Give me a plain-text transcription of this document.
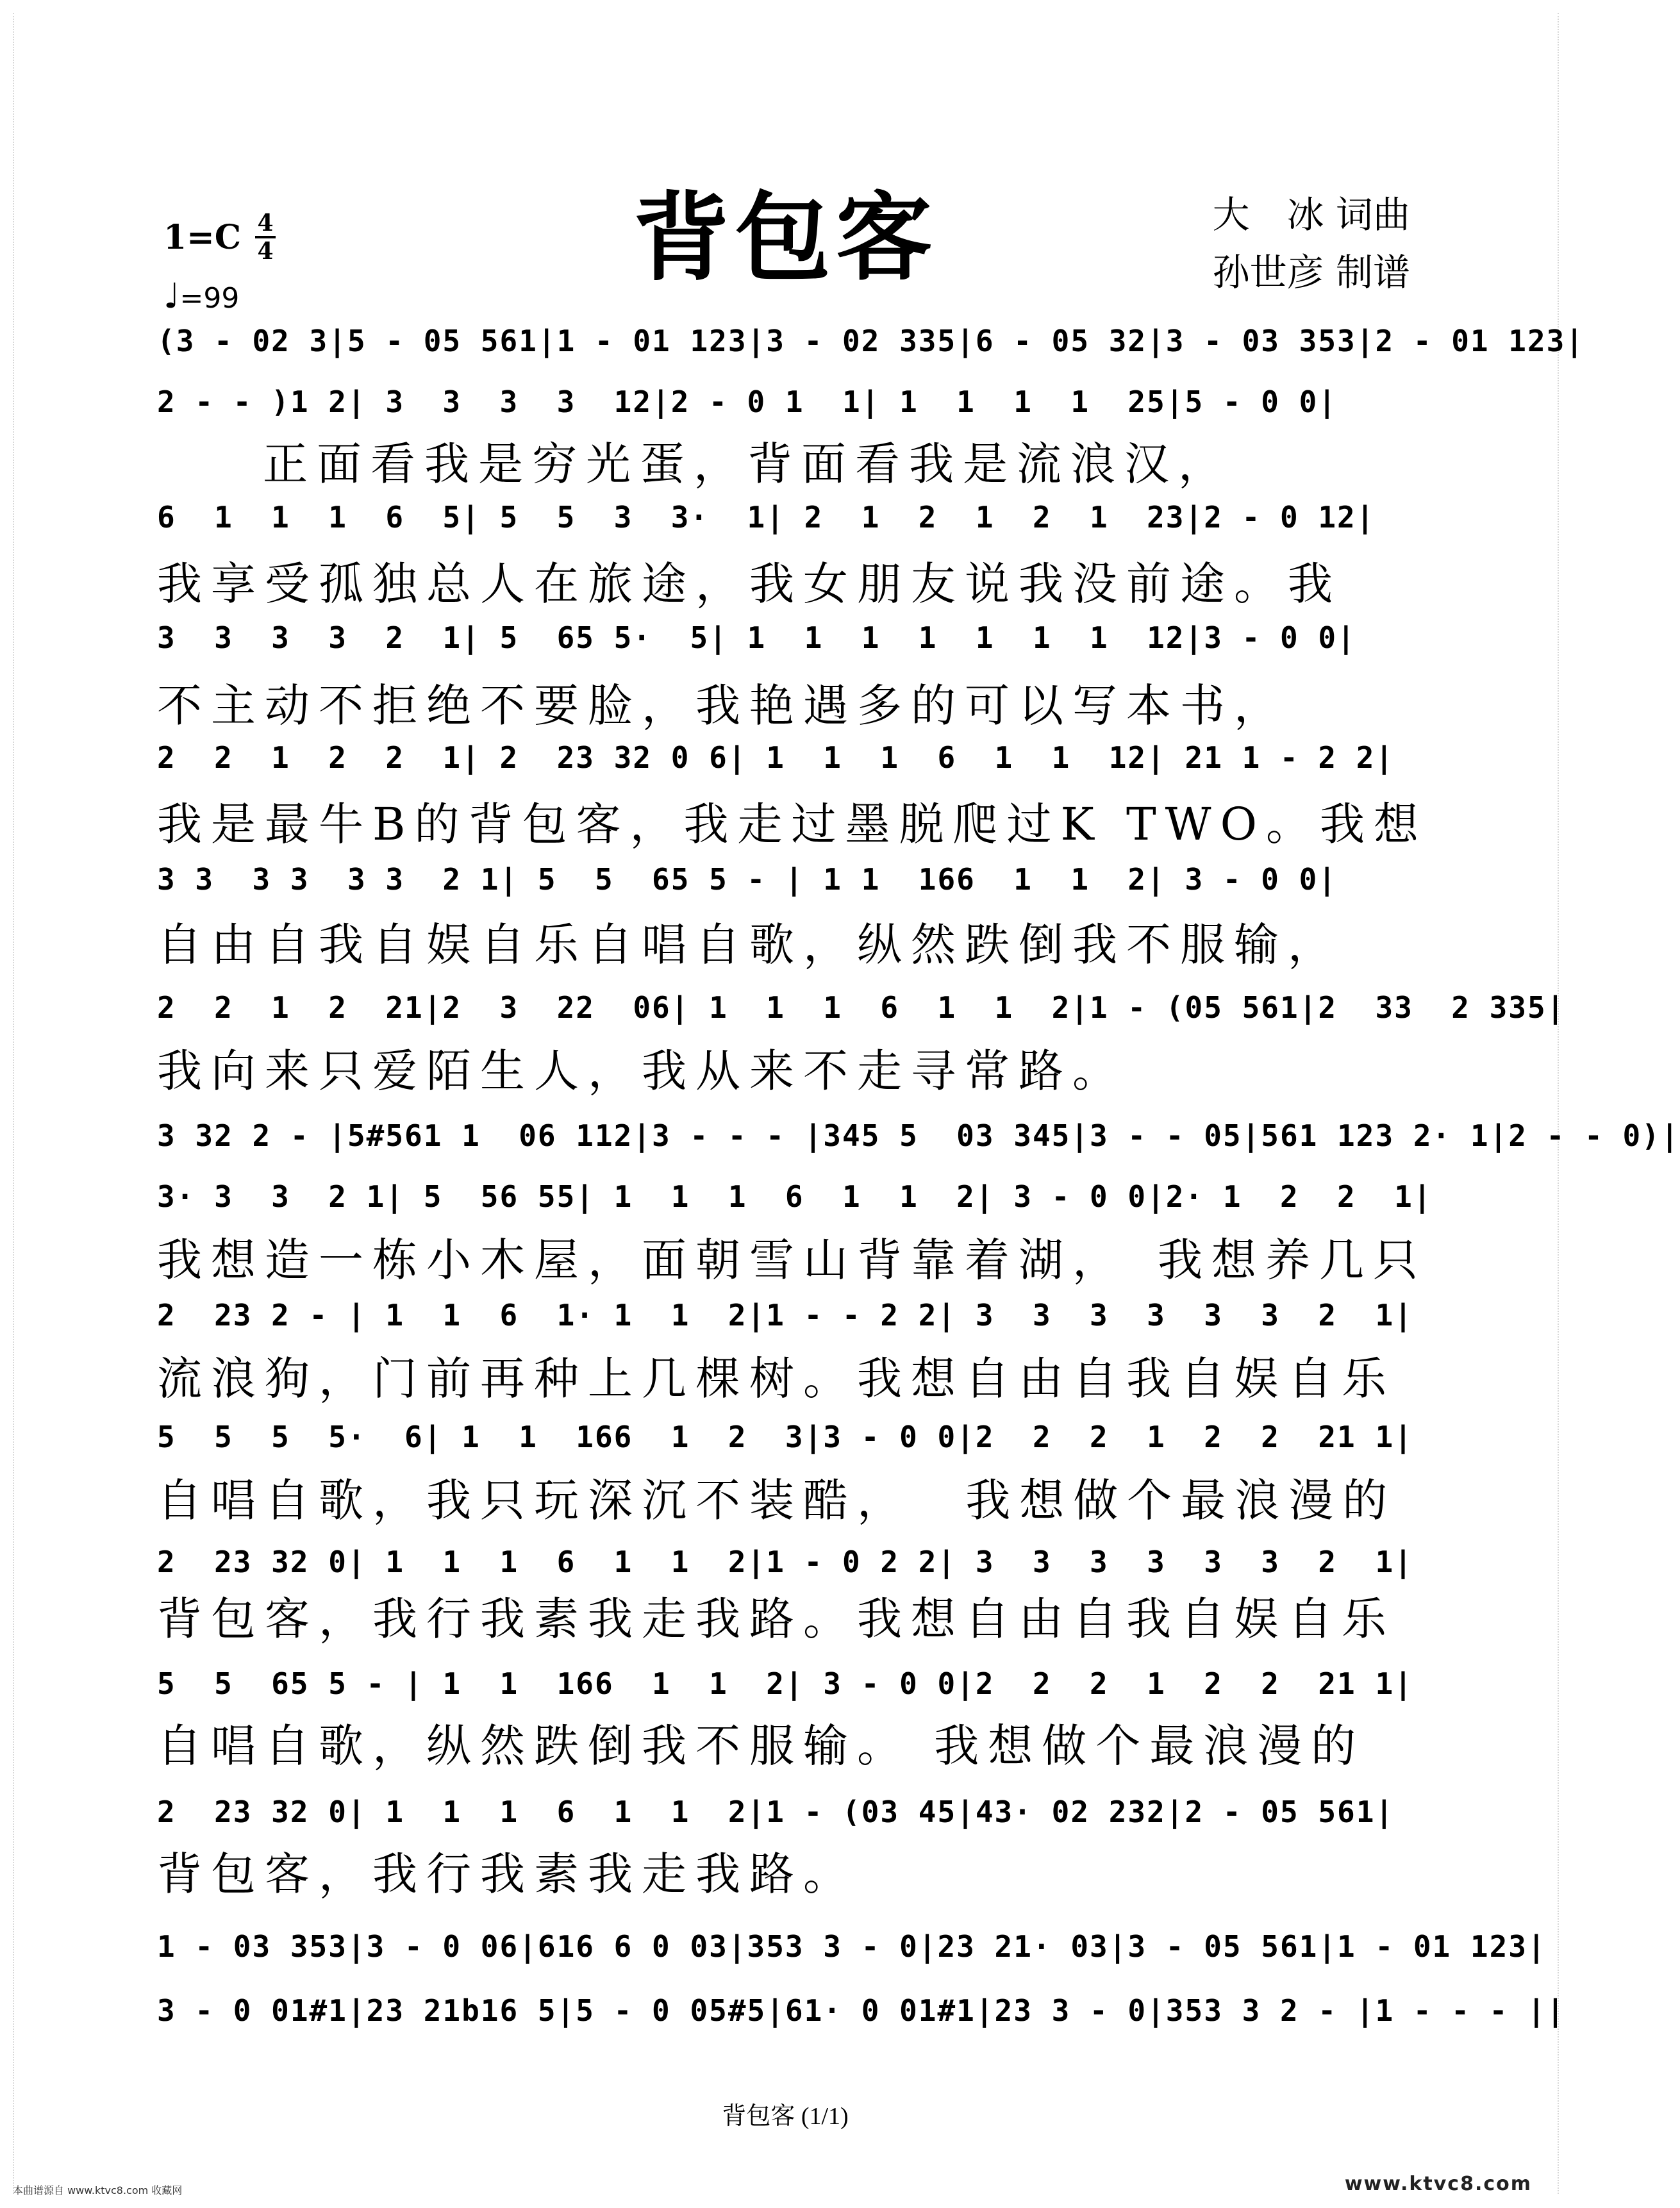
背包客	大　冰 词曲
孙世彦 制谱
1=C 4
4
♩=99
(3 - 02 3|5 - 05 561|1 - 01 123|3 - 02 335|6 - 05 32|3 - 03 353|2 - 01 123|
2 - - )1 2| 3  3  3  3  12|2 - 0 1  1| 1  1  1  1  25|5 - 0 0|
正面看我是穷光蛋，背面看我是流浪汉，
6  1  1  1  6  5| 5  5  3  3·  1| 2  1  2  1  2  1  23|2 - 0 12|
我享受孤独总人在旅途，我女朋友说我没前途。我
3  3  3  3  2  1| 5  65 5·  5| 1  1  1  1  1  1  1  12|3 - 0 0|
不主动不拒绝不要脸，我艳遇多的可以写本书，
2  2  1  2  2  1| 2  23 32 0 6| 1  1  1  6  1  1  12| 21 1 - 2 2|
我是最牛B的背包客，我走过墨脱爬过K TWO。我想
3 3  3 3  3 3  2 1| 5  5  65 5 - | 1 1  166  1  1  2| 3 - 0 0|
自由自我自娱自乐自唱自歌，纵然跌倒我不服输，
2  2  1  2  21|2  3  22  06| 1  1  1  6  1  1  2|1 - (05 561|2  33  2 335|
我向来只爱陌生人，我从来不走寻常路。
3 32 2 - |5#561 1  06 112|3 - - - |345 5  03 345|3 - - 05|561 123 2· 1|2 - - 0)|
3· 3  3  2 1| 5  56 55| 1  1  1  6  1  1  2| 3 - 0 0|2· 1  2  2  1|
我想造一栋小木屋，面朝雪山背靠着湖，　我想养几只
2  23 2 - | 1  1  6  1· 1  1  2|1 - - 2 2| 3  3  3  3  3  3  2  1|
流浪狗，门前再种上几棵树。我想自由自我自娱自乐
5  5  5  5·  6| 1  1  166  1  2  3|3 - 0 0|2  2  2  1  2  2  21 1|
自唱自歌，我只玩深沉不装酷，　 我想做个最浪漫的
2  23 32 0| 1  1  1  6  1  1  2|1 - 0 2 2| 3  3  3  3  3  3  2  1|
背包客，我行我素我走我路。我想自由自我自娱自乐
5  5  65 5 - | 1  1  166  1  1  2| 3 - 0 0|2  2  2  1  2  2  21 1|
自唱自歌，纵然跌倒我不服输。 我想做个最浪漫的
2  23 32 0| 1  1  1  6  1  1  2|1 - (03 45|43· 02 232|2 - 05 561|
背包客，我行我素我走我路。
1 - 03 353|3 - 0 06|616 6 0 03|353 3 - 0|23 21· 03|3 - 05 561|1 - 01 123|
3 - 0 01#1|23 21b16 5|5 - 0 05#5|61· 0 01#1|23 3 - 0|353 3 2 - |1 - - - ||
背包客 (1/1)
本曲谱源自 www.ktvc8.com 收藏网	www.ktvc8.com
